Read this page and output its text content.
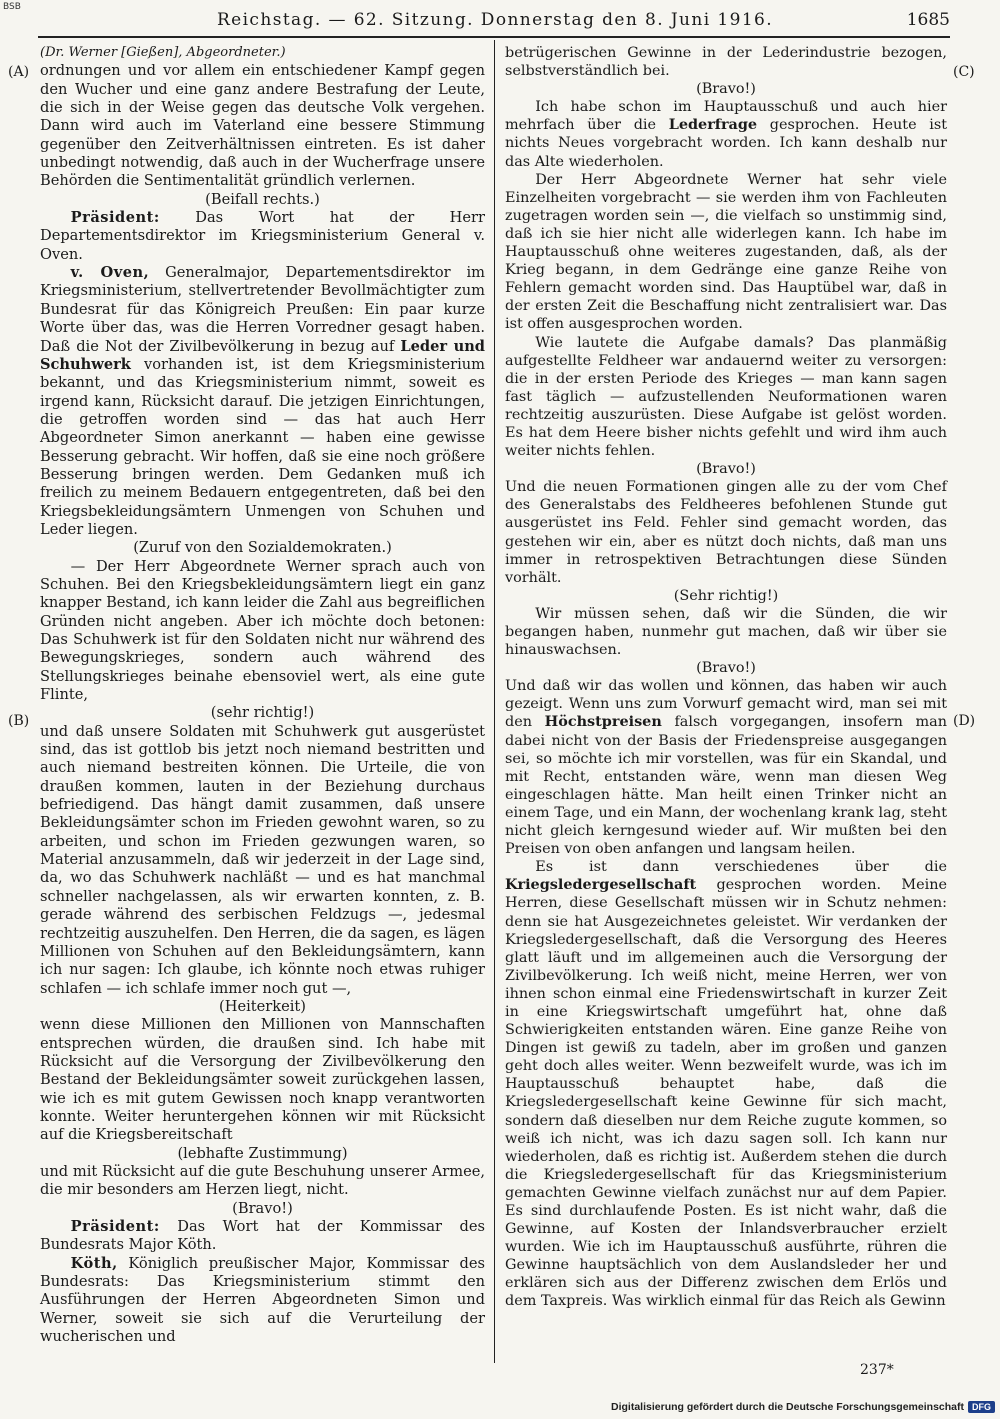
BSB
Reichstag. — 62. Sitzung. Donnerstag den 8. Juni 1916.	1685
(A)
(B)
(C)
(D)

(Dr. Werner [Gießen], Abgeordneter.)

ordnungen und vor allem ein entschiedener Kampf gegen den Wucher und eine ganz andere Bestrafung der Leute, die sich in der Weise gegen das deutsche Volk vergehen. Dann wird auch im Vaterland eine bessere Stimmung gegenüber den Zeitverhältnissen eintreten. Es ist daher unbedingt notwendig, daß auch in der Wucherfrage unsere Behörden die Sentimentalität gründlich verlernen.

(Beifall rechts.)

Präsident: Das Wort hat der Herr Departementsdirektor im Kriegsministerium General v. Oven.

v. Oven, Generalmajor, Departementsdirektor im Kriegsministerium, stellvertretender Bevollmächtigter zum Bundesrat für das Königreich Preußen: Ein paar kurze Worte über das, was die Herren Vorredner gesagt haben. Daß die Not der Zivilbevölkerung in bezug auf Leder und Schuhwerk vorhanden ist, ist dem Kriegsministerium bekannt, und das Kriegsministerium nimmt, soweit es irgend kann, Rücksicht darauf. Die jetzigen Einrichtungen, die getroffen worden sind — das hat auch Herr Abgeordneter Simon anerkannt — haben eine gewisse Besserung gebracht. Wir hoffen, daß sie eine noch größere Besserung bringen werden. Dem Gedanken muß ich freilich zu meinem Bedauern entgegentreten, daß bei den Kriegsbekleidungsämtern Unmengen von Schuhen und Leder liegen.

(Zuruf von den Sozialdemokraten.)

— Der Herr Abgeordnete Werner sprach auch von Schuhen. Bei den Kriegsbekleidungsämtern liegt ein ganz knapper Bestand, ich kann leider die Zahl aus begreiflichen Gründen nicht angeben. Aber ich möchte doch betonen: Das Schuhwerk ist für den Soldaten nicht nur während des Bewegungskrieges, sondern auch während des Stellungskrieges beinahe ebensoviel wert, als eine gute Flinte,

(sehr richtig!)

und daß unsere Soldaten mit Schuhwerk gut ausgerüstet sind, das ist gottlob bis jetzt noch niemand bestritten und auch niemand bestreiten können. Die Urteile, die von draußen kommen, lauten in der Beziehung durchaus befriedigend. Das hängt damit zusammen, daß unsere Bekleidungsämter schon im Frieden gewohnt waren, so zu arbeiten, und schon im Frieden gezwungen waren, so Material anzusammeln, daß wir jederzeit in der Lage sind, da, wo das Schuhwerk nachläßt — und es hat manchmal schneller nachgelassen, als wir erwarten konnten, z. B. gerade während des serbischen Feldzugs —, jedesmal rechtzeitig auszuhelfen. Den Herren, die da sagen, es lägen Millionen von Schuhen auf den Bekleidungsämtern, kann ich nur sagen: Ich glaube, ich könnte noch etwas ruhiger schlafen — ich schlafe immer noch gut —,

(Heiterkeit)

wenn diese Millionen den Millionen von Mannschaften entsprechen würden, die draußen sind. Ich habe mit Rücksicht auf die Versorgung der Zivilbevölkerung den Bestand der Bekleidungsämter soweit zurückgehen lassen, wie ich es mit gutem Gewissen noch knapp verantworten konnte. Weiter heruntergehen können wir mit Rücksicht auf die Kriegsbereitschaft

(lebhafte Zustimmung)

und mit Rücksicht auf die gute Beschuhung unserer Armee, die mir besonders am Herzen liegt, nicht.

(Bravo!)

Präsident: Das Wort hat der Kommissar des Bundesrats Major Köth.

Köth, Königlich preußischer Major, Kommissar des Bundesrats: Das Kriegsministerium stimmt den Ausführungen der Herren Abgeordneten Simon und Werner, soweit sie sich auf die Verurteilung der wucherischen und

betrügerischen Gewinne in der Lederindustrie bezogen, selbstverständlich bei.

(Bravo!)

Ich habe schon im Hauptausschuß und auch hier mehrfach über die Lederfrage gesprochen. Heute ist nichts Neues vorgebracht worden. Ich kann deshalb nur das Alte wiederholen.

Der Herr Abgeordnete Werner hat sehr viele Einzelheiten vorgebracht — sie werden ihm von Fachleuten zugetragen worden sein —, die vielfach so unstimmig sind, daß ich sie hier nicht alle widerlegen kann. Ich habe im Hauptausschuß ohne weiteres zugestanden, daß, als der Krieg begann, in dem Gedränge eine ganze Reihe von Fehlern gemacht worden sind. Das Hauptübel war, daß in der ersten Zeit die Beschaffung nicht zentralisiert war. Das ist offen ausgesprochen worden.

Wie lautete die Aufgabe damals? Das planmäßig aufgestellte Feldheer war andauernd weiter zu versorgen: die in der ersten Periode des Krieges — man kann sagen fast täglich — aufzustellenden Neuformationen waren rechtzeitig auszurüsten. Diese Aufgabe ist gelöst worden. Es hat dem Heere bisher nichts gefehlt und wird ihm auch weiter nichts fehlen.

(Bravo!)

Und die neuen Formationen gingen alle zu der vom Chef des Generalstabs des Feldheeres befohlenen Stunde gut ausgerüstet ins Feld. Fehler sind gemacht worden, das gestehen wir ein, aber es nützt doch nichts, daß man uns immer in retrospektiven Betrachtungen diese Sünden vorhält.

(Sehr richtig!)

Wir müssen sehen, daß wir die Sünden, die wir begangen haben, nunmehr gut machen, daß wir über sie hinauswachsen.

(Bravo!)

Und daß wir das wollen und können, das haben wir auch gezeigt. Wenn uns zum Vorwurf gemacht wird, man sei mit den Höchstpreisen falsch vorgegangen, insofern man dabei nicht von der Basis der Friedenspreise ausgegangen sei, so möchte ich mir vorstellen, was für ein Skandal, und mit Recht, entstanden wäre, wenn man diesen Weg eingeschlagen hätte. Man heilt einen Trinker nicht an einem Tage, und ein Mann, der wochenlang krank lag, steht nicht gleich kerngesund wieder auf. Wir mußten bei den Preisen von oben anfangen und langsam heilen.

Es ist dann verschiedenes über die Kriegsledergesellschaft gesprochen worden. Meine Herren, diese Gesellschaft müssen wir in Schutz nehmen: denn sie hat Ausgezeichnetes geleistet. Wir verdanken der Kriegsledergesellschaft, daß die Versorgung des Heeres glatt läuft und im allgemeinen auch die Versorgung der Zivilbevölkerung. Ich weiß nicht, meine Herren, wer von ihnen schon einmal eine Friedenswirtschaft in kurzer Zeit in eine Kriegswirtschaft umgeführt hat, ohne daß Schwierigkeiten entstanden wären. Eine ganze Reihe von Dingen ist gewiß zu tadeln, aber im großen und ganzen geht doch alles weiter. Wenn bezweifelt wurde, was ich im Hauptausschuß behauptet habe, daß die Kriegsledergesellschaft keine Gewinne für sich macht, sondern daß dieselben nur dem Reiche zugute kommen, so weiß ich nicht, was ich dazu sagen soll. Ich kann nur wiederholen, daß es richtig ist. Außerdem stehen die durch die Kriegsledergesellschaft für das Kriegsministerium gemachten Gewinne vielfach zunächst nur auf dem Papier. Es sind durchlaufende Posten. Es ist nicht wahr, daß die Gewinne, auf Kosten der Inlandsverbraucher erzielt wurden. Wie ich im Hauptausschuß ausführte, rühren die Gewinne hauptsächlich von dem Auslandsleder her und erklären sich aus der Differenz zwischen dem Erlös und dem Taxpreis. Was wirklich einmal für das Reich als Gewinn

237*
Digitalisierung gefördert durch die Deutsche Forschungsgemeinschaft DFG
